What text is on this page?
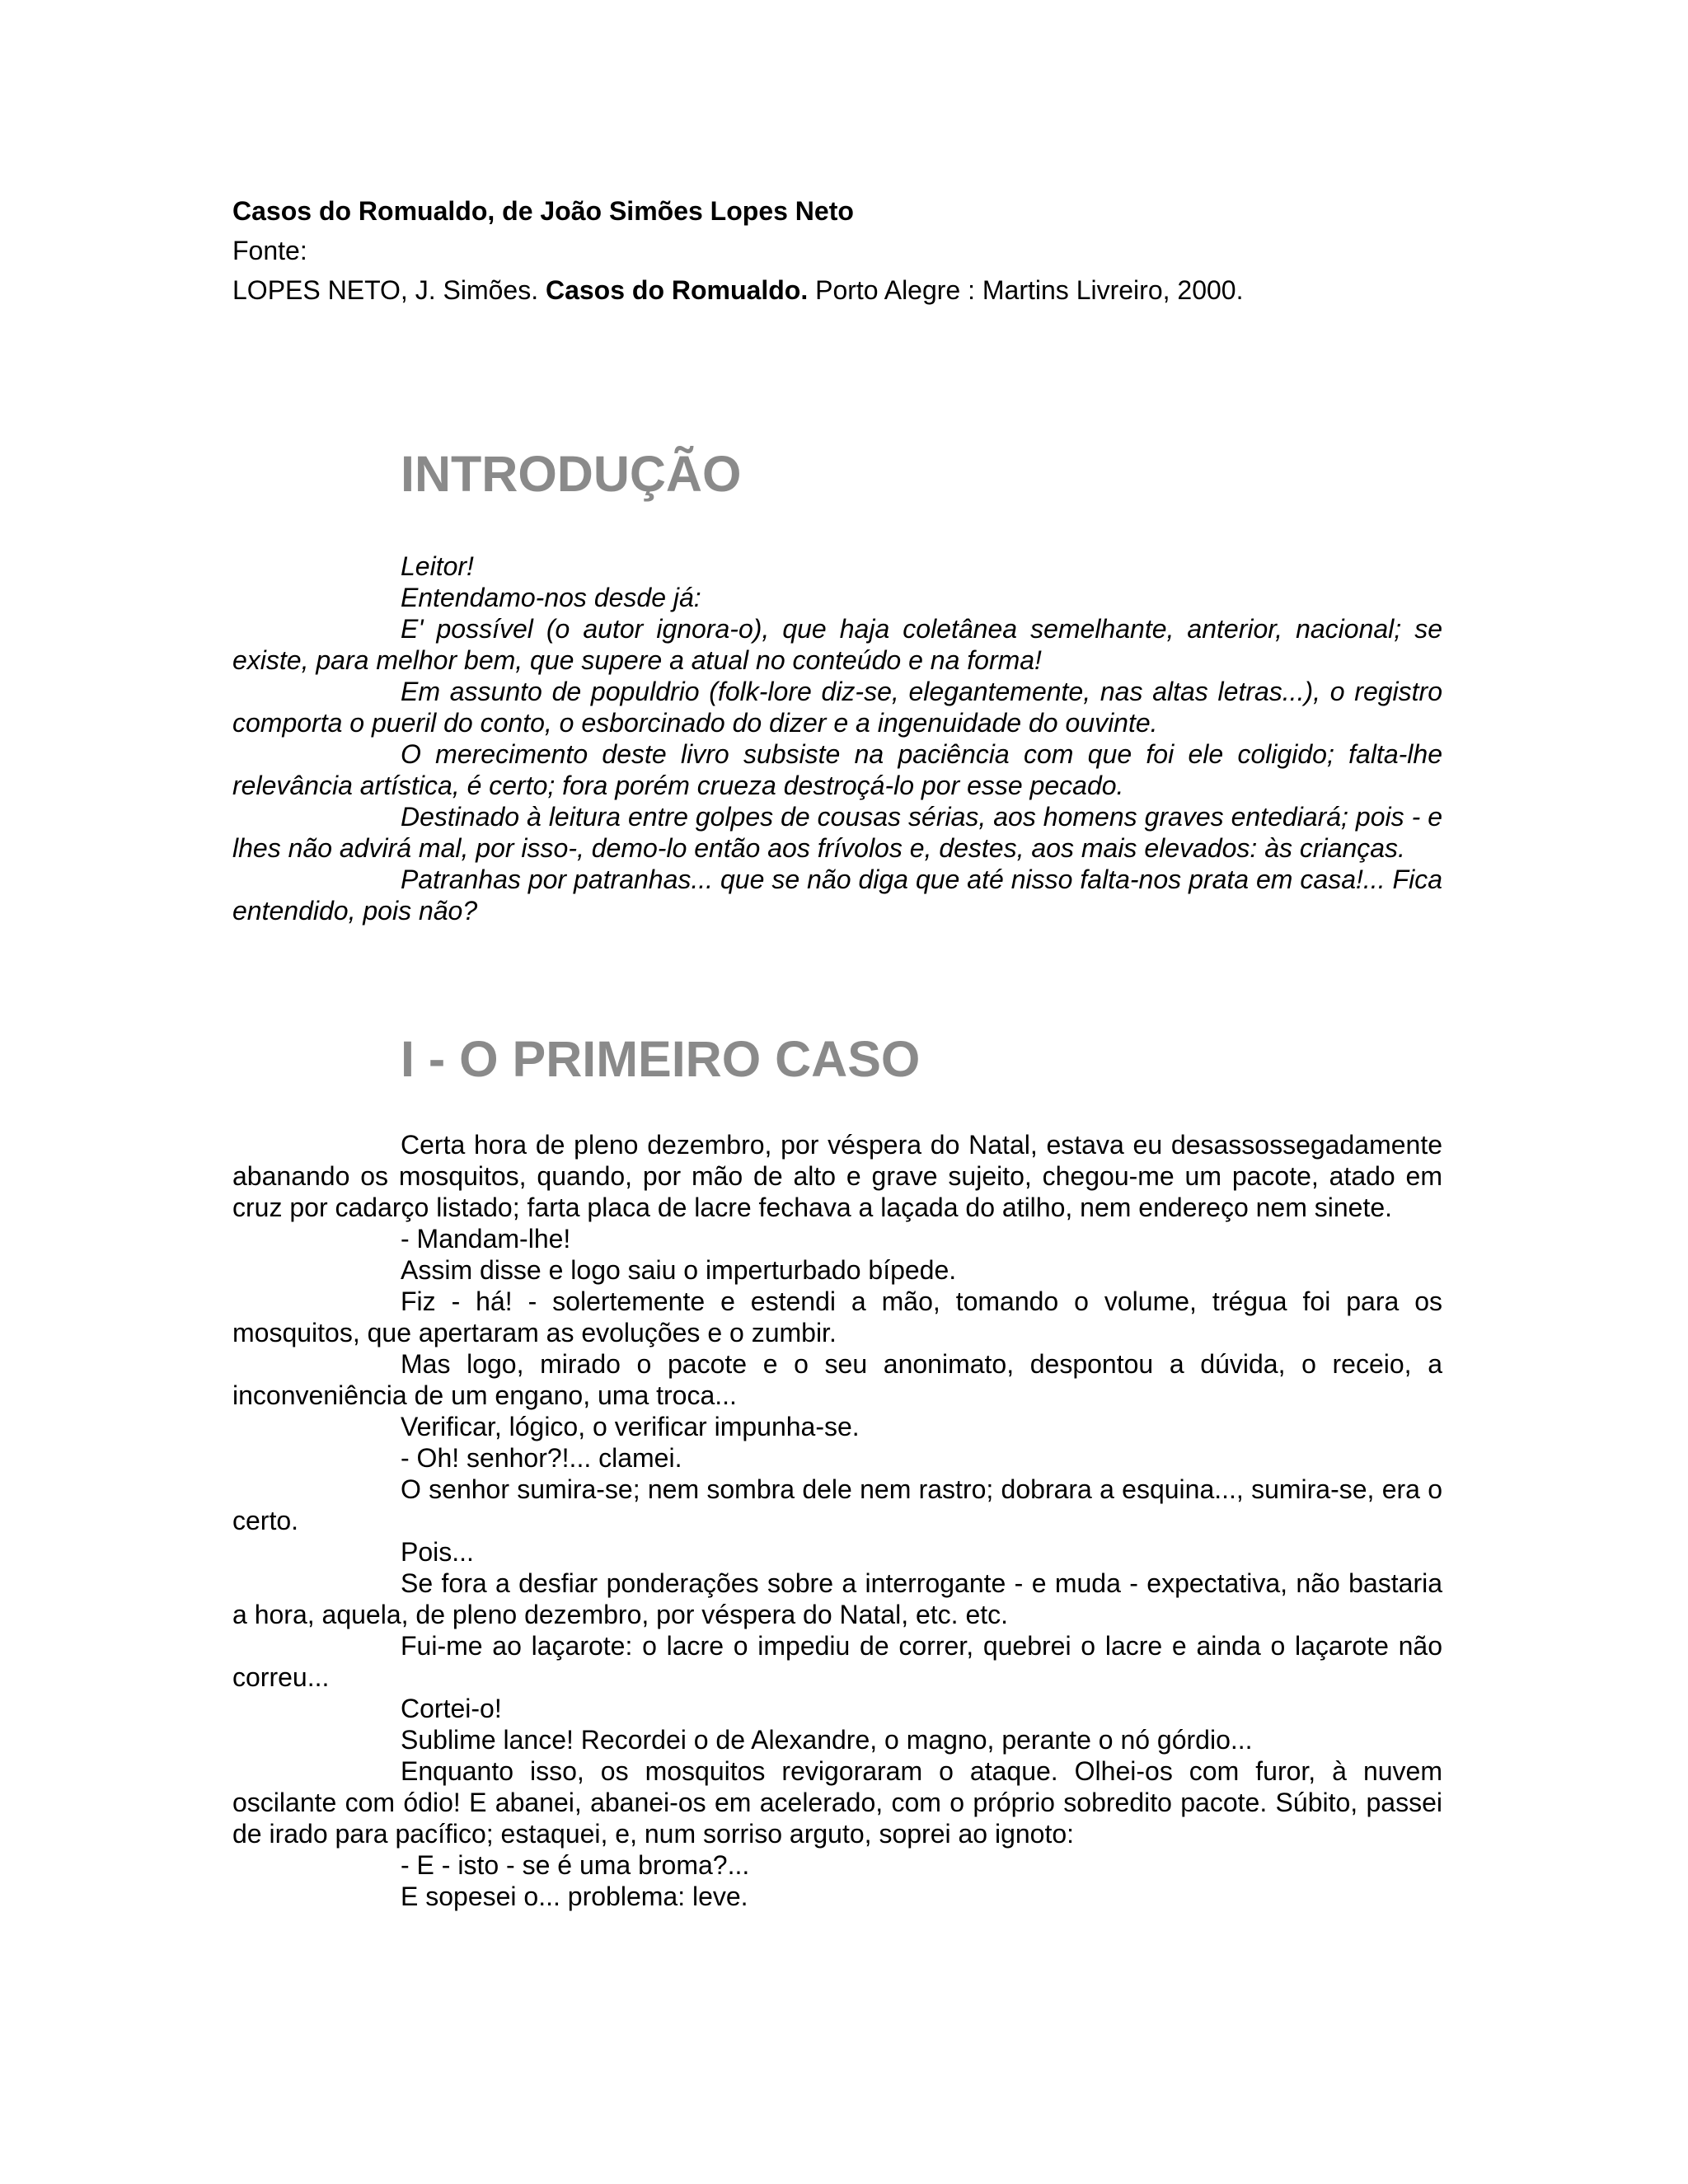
Casos do Romualdo, de João Simões Lopes Neto
Fonte:
LOPES NETO, J. Simões. Casos do Romualdo. Porto Alegre : Martins Livreiro, 2000.
INTRODUÇÃO

Leitor!

Entendamo-nos desde já:

E' possível (o autor ignora-o), que haja coletânea semelhante, anterior, nacional; se existe, para melhor bem, que supere a atual no conteúdo e na forma!

Em assunto de populdrio (folk-lore diz-se, elegantemente, nas altas letras...), o registro comporta o pueril do conto, o esborcinado do dizer e a ingenuidade do ouvinte.

O merecimento deste livro subsiste na paciência com que foi ele coligido; falta-lhe relevância artística, é certo; fora porém crueza destroçá-lo por esse pecado.

Destinado à leitura entre golpes de cousas sérias, aos homens graves entediará; pois - e lhes não advirá mal, por isso-, demo-lo então aos frívolos e, destes, aos mais elevados: às crianças.

Patranhas por patranhas... que se não diga que até nisso falta-nos prata em casa!... Fica entendido, pois não?

I - O PRIMEIRO CASO

Certa hora de pleno dezembro, por véspera do Natal, estava eu desassossegadamente abanando os mosquitos, quando, por mão de alto e grave sujeito, chegou-me um pacote, atado em cruz por cadarço listado; farta placa de lacre fechava a laçada do atilho, nem endereço nem sinete.

- Mandam-lhe!

Assim disse e logo saiu o imperturbado bípede.

Fiz - há! - solertemente e estendi a mão, tomando o volume, trégua foi para os mosquitos, que apertaram as evoluções e o zumbir.

Mas logo, mirado o pacote e o seu anonimato, despontou a dúvida, o receio, a inconveniência de um engano, uma troca...

Verificar, lógico, o verificar impunha-se.

- Oh! senhor?!... clamei.

O senhor sumira-se; nem sombra dele nem rastro; dobrara a esquina..., sumira-se, era o certo.

Pois...

Se fora a desfiar ponderações sobre a interrogante - e muda - expectativa, não bastaria a hora, aquela, de pleno dezembro, por véspera do Natal, etc. etc.

Fui-me ao laçarote: o lacre o impediu de correr, quebrei o lacre e ainda o laçarote não correu...

Cortei-o!

Sublime lance! Recordei o de Alexandre, o magno, perante o nó górdio...

Enquanto isso, os mosquitos revigoraram o ataque. Olhei-os com furor, à nuvem oscilante com ódio! E abanei, abanei-os em acelerado, com o próprio sobredito pacote. Súbito, passei de irado para pacífico; estaquei, e, num sorriso arguto, soprei ao ignoto:

- E - isto - se é uma broma?...

E sopesei o... problema: leve.
